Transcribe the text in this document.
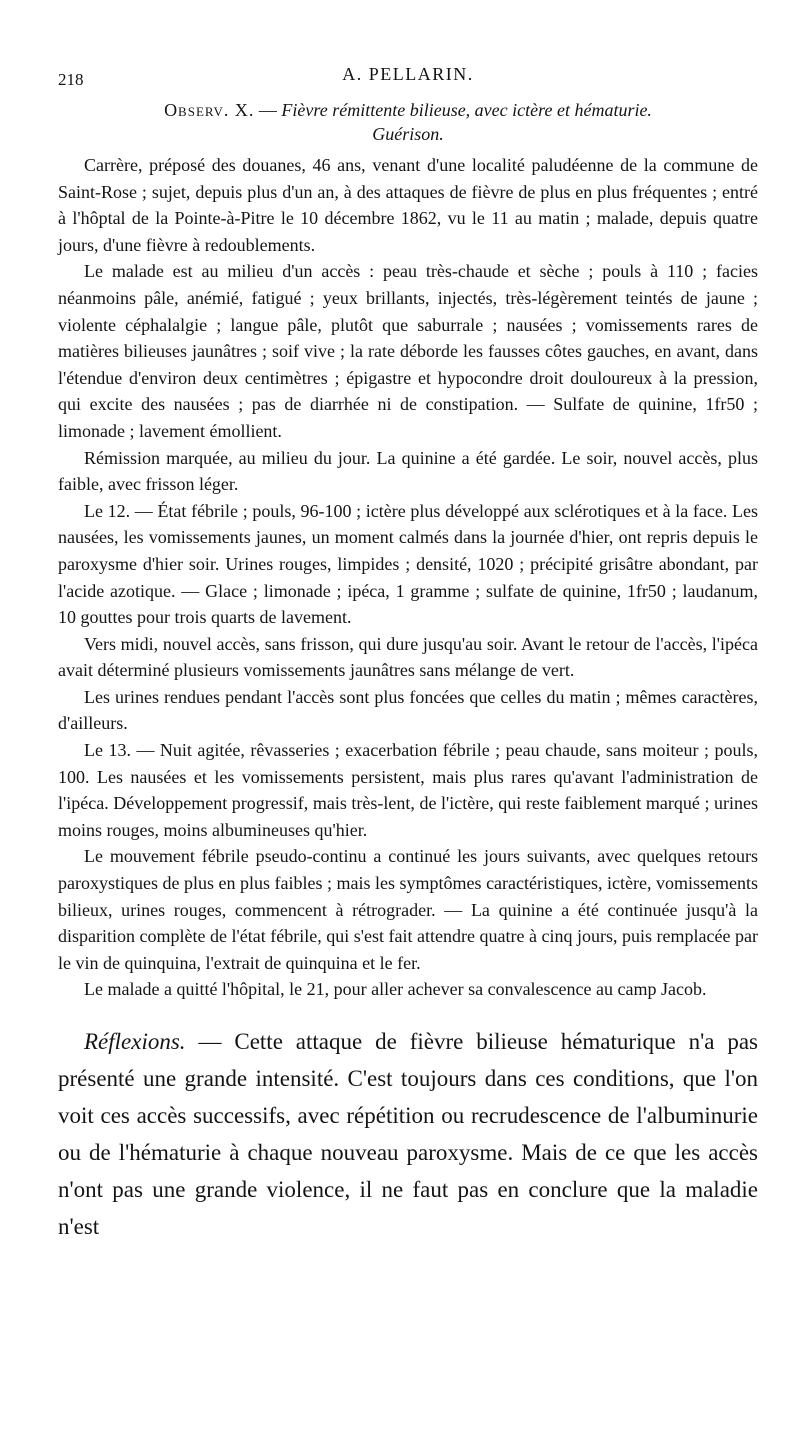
218	A. PELLARIN.

Observ. X. — Fièvre rémittente bilieuse, avec ictère et hématurie.

Guérison.

Carrère, préposé des douanes, 46 ans, venant d'une localité paludéenne de la commune de Saint-Rose ; sujet, depuis plus d'un an, à des attaques de fièvre de plus en plus fréquentes ; entré à l'hôptal de la Pointe-à-Pitre le 10 décembre 1862, vu le 11 au matin ; malade, depuis quatre jours, d'une fièvre à redoublements.

Le malade est au milieu d'un accès : peau très-chaude et sèche ; pouls à 110 ; facies néanmoins pâle, anémié, fatigué ; yeux brillants, injectés, très-légèrement teintés de jaune ; violente céphalalgie ; langue pâle, plutôt que saburrale ; nausées ; vomissements rares de matières bilieuses jaunâtres ; soif vive ; la rate déborde les fausses côtes gauches, en avant, dans l'étendue d'environ deux centimètres ; épigastre et hypocondre droit douloureux à la pression, qui excite des nausées ; pas de diarrhée ni de constipation. — Sulfate de quinine, 1fr50 ; limonade ; lavement émollient.

Rémission marquée, au milieu du jour. La quinine a été gardée. Le soir, nouvel accès, plus faible, avec frisson léger.

Le 12. — État fébrile ; pouls, 96-100 ; ictère plus développé aux sclérotiques et à la face. Les nausées, les vomissements jaunes, un moment calmés dans la journée d'hier, ont repris depuis le paroxysme d'hier soir. Urines rouges, limpides ; densité, 1020 ; précipité grisâtre abondant, par l'acide azotique. — Glace ; limonade ; ipéca, 1 gramme ; sulfate de quinine, 1fr50 ; laudanum, 10 gouttes pour trois quarts de lavement.

Vers midi, nouvel accès, sans frisson, qui dure jusqu'au soir. Avant le retour de l'accès, l'ipéca avait déterminé plusieurs vomissements jaunâtres sans mélange de vert.

Les urines rendues pendant l'accès sont plus foncées que celles du matin ; mêmes caractères, d'ailleurs.

Le 13. — Nuit agitée, rêvasseries ; exacerbation fébrile ; peau chaude, sans moiteur ; pouls, 100. Les nausées et les vomissements persistent, mais plus rares qu'avant l'administration de l'ipéca. Développement progressif, mais très-lent, de l'ictère, qui reste faiblement marqué ; urines moins rouges, moins albumineuses qu'hier.

Le mouvement fébrile pseudo-continu a continué les jours suivants, avec quelques retours paroxystiques de plus en plus faibles ; mais les symptômes caractéristiques, ictère, vomissements bilieux, urines rouges, commencent à rétrograder. — La quinine a été continuée jusqu'à la disparition complète de l'état fébrile, qui s'est fait attendre quatre à cinq jours, puis remplacée par le vin de quinquina, l'extrait de quinquina et le fer.

Le malade a quitté l'hôpital, le 21, pour aller achever sa convalescence au camp Jacob.

Réflexions. — Cette attaque de fièvre bilieuse hématurique n'a pas présenté une grande intensité. C'est toujours dans ces conditions, que l'on voit ces accès successifs, avec répétition ou recrudescence de l'albuminurie ou de l'hématurie à chaque nouveau paroxysme. Mais de ce que les accès n'ont pas une grande violence, il ne faut pas en conclure que la maladie n'est
